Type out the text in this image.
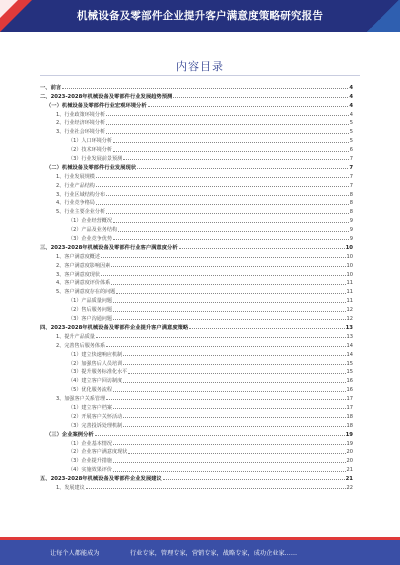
机械设备及零部件企业提升客户满意度策略研究报告
内容目录
一、前言	4
二、2023-2028年机械设备及零部件行业发展趋势预测	4
（一）机械设备及零部件行业宏观环境分析	4
1、行业政策环境分析	4
2、行业经济环境分析	5
3、行业社会环境分析	5
（1）人口环境分析	5
（2）技术环境分析	6
（3）行业发展前景预测	7
（二）机械设备及零部件行业发展现状	7
1、行业发展规模	7
2、行业产品结构	7
3、行业区域结构分布	8
4、行业竞争格局	8
5、行业主要企业分析	8
（1）企业经营概况	9
（2）产品及业务结构	9
（3）企业竞争优势	9
三、2023-2028年机械设备及零部件行业客户满意度分析	10
1、客户满意度概述	10
2、客户满意度影响因素	10
3、客户满意度现状	10
4、客户满意度评价体系	11
5、客户满意度存在的问题	11
（1）产品质量问题	11
（2）售后服务问题	12
（3）客户沟通问题	12
四、2023-2028年机械设备及零部件企业提升客户满意度策略	13
1、提升产品质量	13
2、完善售后服务体系	14
（1）建立快速响应机制	14
（2）加强售后人员培训	15
（3）提升服务标准化水平	15
（4）建立客户回访制度	16
（5）优化服务流程	16
3、加强客户关系管理	17
（1）建立客户档案	17
（2）开展客户关怀活动	18
（3）完善投诉处理机制	18
（三）企业案例分析	19
（1）企业基本情况	19
（2）企业客户满意度现状	20
（3）企业提升措施	20
（4）实施效果评价	21
五、2023-2028年机械设备及零部件企业发展建议	21
1、发展建议	22
让每个人都能成为	行业专家，管理专家，营销专家，战略专家，成功企业家……
